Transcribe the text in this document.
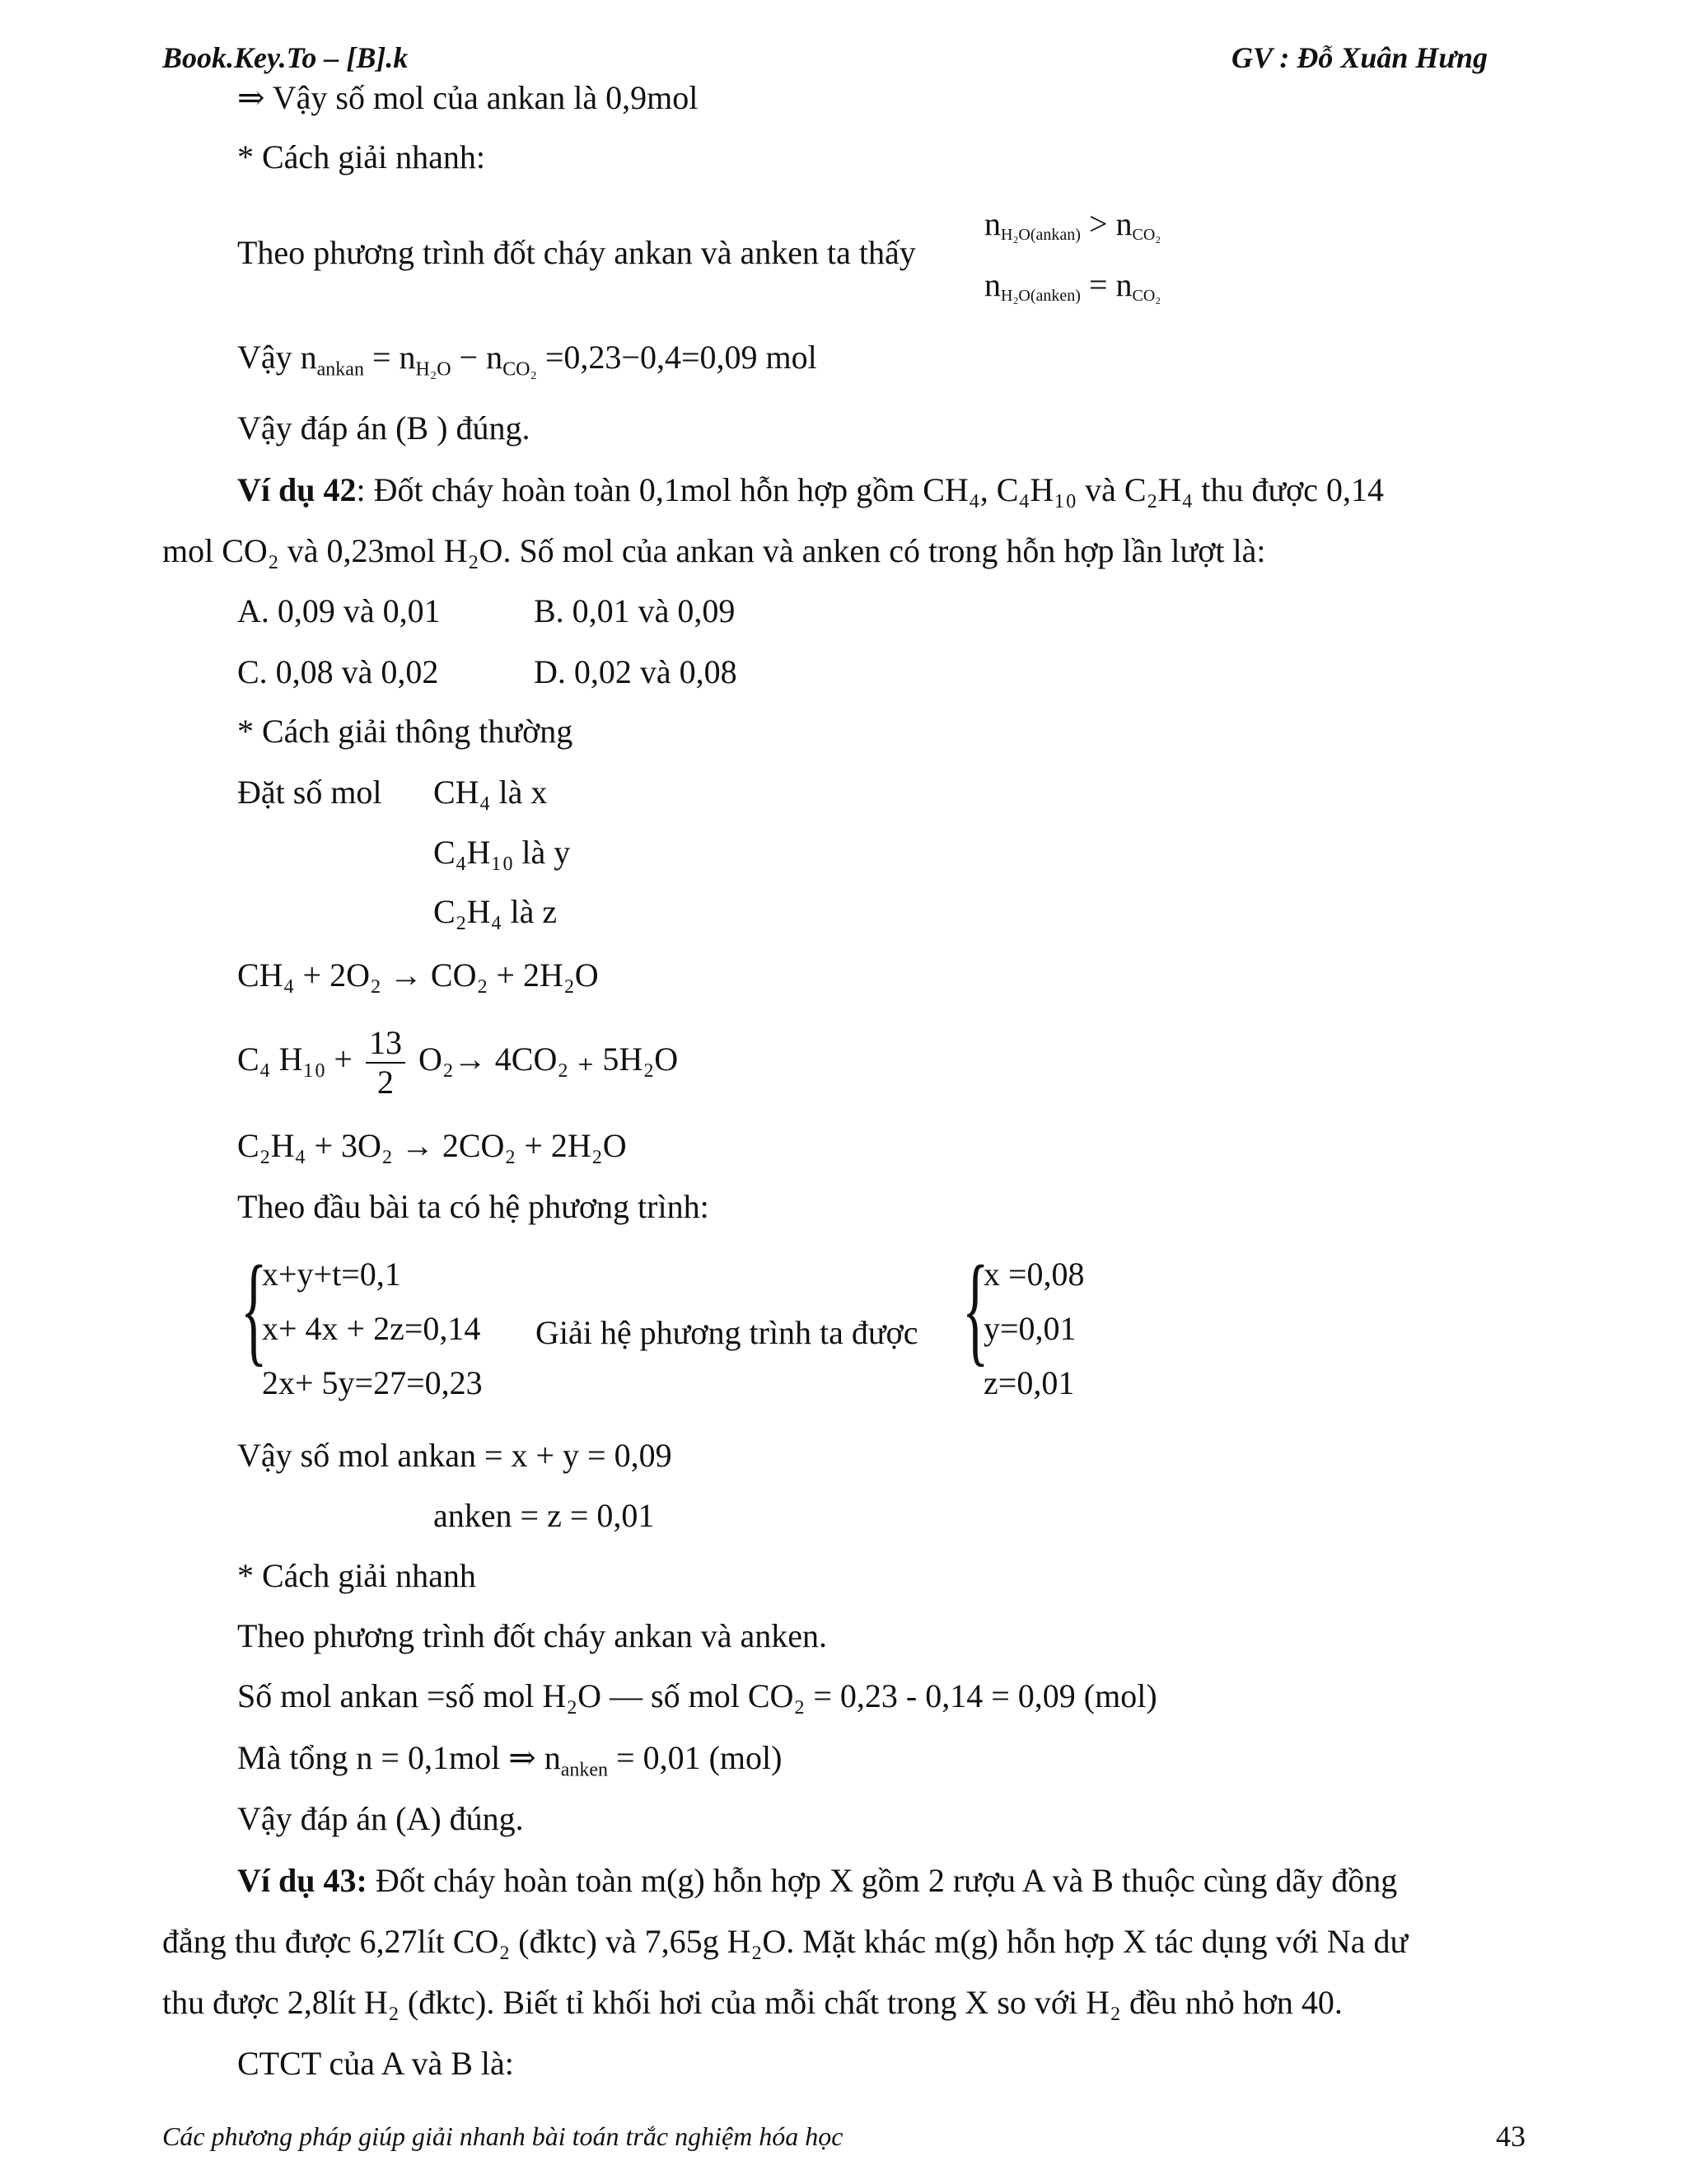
Book.Key.To – [B].k	GV : Đỗ Xuân Hưng
⇒ Vậy số mol của ankan là 0,9mol
* Cách giải nhanh:
Theo phương trình đốt cháy ankan và anken ta thấy
$n_{H_2O(ankan)} > n_{CO_2}$
$n_{H_2O(anken)} = n_{CO_2}$
Vậy $n_{ankan} = n_{H_2O} - n_{CO_2} =0,23-0,4=0,09$ mol
Vậy đáp án (B ) đúng.
Ví dụ 42: Đốt cháy hoàn toàn 0,1mol hỗn hợp gồm CH₄, C₄H₁₀ và C₂H₄ thu được 0,14
mol CO₂ và 0,23mol H₂O. Số mol của ankan và anken có trong hỗn hợp lần lượt là:
A. 0,09 và 0,01	B. 0,01 và 0,09
C. 0,08 và 0,02	D. 0,02 và 0,08
* Cách giải thông thường
Đặt số mol CH₄ là x
C₄H₁₀ là y
C₂H₄ là z
CH₄ + 2O₂ → CO₂ + 2H₂O
C₄ $H_{10} + \frac{13}{2} O_2\to 4CO_2$ ₊ 5H₂O
C₂H₄ + 3O₂ → 2CO₂ + 2H₂O
Theo đầu bài ta có hệ phương trình:
{
x+y+t=0,1
x+ 4x + 2z=0,14
2x+ 5y=27=0,23
Giải hệ phương trình ta được {
x =0,08
y=0,01
z=0,01
Vậy số mol ankan = x + y = 0,09
anken = z = 0,01
* Cách giải nhanh
Theo phương trình đốt cháy ankan và anken.
Số mol ankan =số mol H₂O — số mol CO₂ = 0,23 - 0,14 = 0,09 (mol)
Mà tổng n = 0,1mol ⇒ $n_{anken} = 0,01$ (mol)
Vậy đáp án (A) đúng.
Ví dụ 43: Đốt cháy hoàn toàn m(g) hỗn hợp X gồm 2 rượu A và B thuộc cùng dãy đồng
đẳng thu được 6,27lít CO₂ (đktc) và 7,65g H₂O. Mặt khác m(g) hỗn hợp X tác dụng với Na dư
thu được 2,8lít H₂ (đktc). Biết tỉ khối hơi của mỗi chất trong X so với H₂ đều nhỏ hơn 40.
CTCT của A và B là:
Các phương pháp giúp giải nhanh bài toán trắc nghiệm hóa học	43
